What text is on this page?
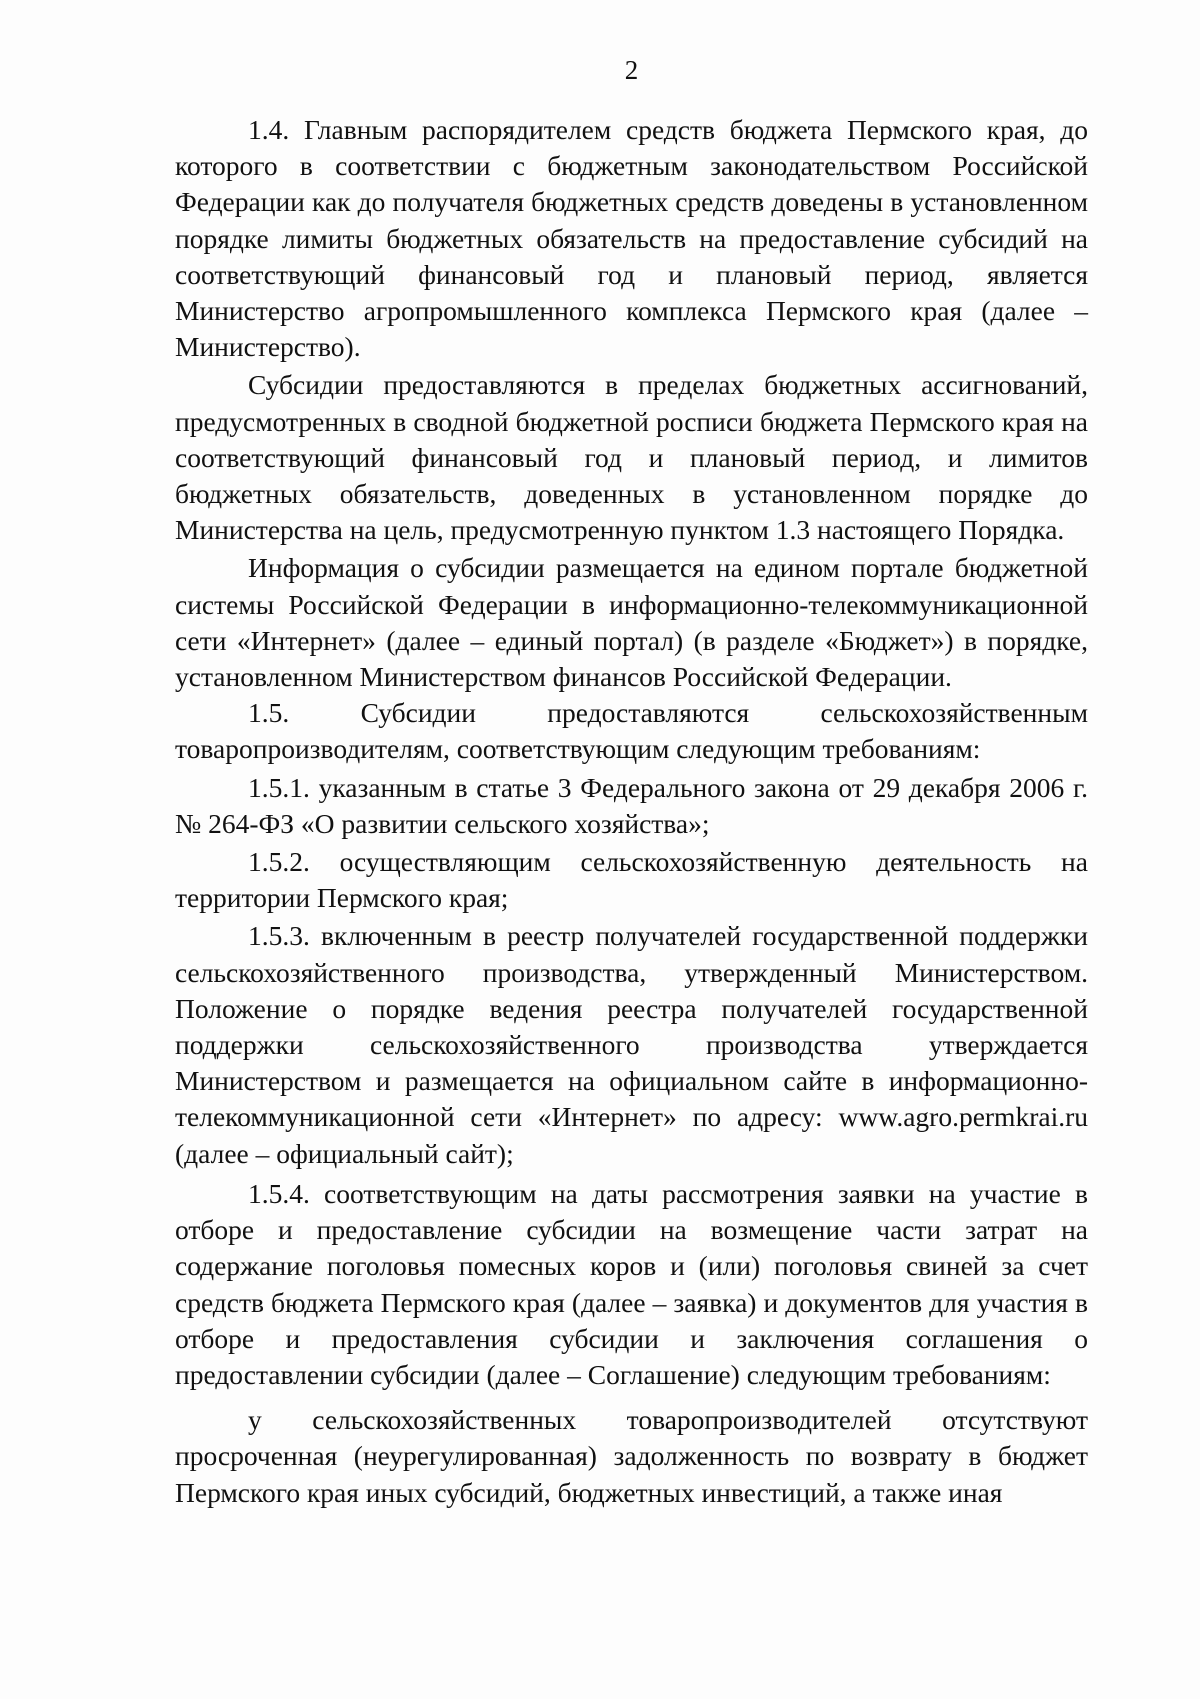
2

1.4. Главным распорядителем средств бюджета Пермского края, до которого в соответствии с бюджетным законодательством Российской Федерации как до получателя бюджетных средств доведены в установленном порядке лимиты бюджетных обязательств на предоставление субсидий на соответствующий финансовый год и плановый период, является Министерство агропромышленного комплекса Пермского края (далее – Министерство).

Субсидии предоставляются в пределах бюджетных ассигнований, предусмотренных в сводной бюджетной росписи бюджета Пермского края на соответствующий финансовый год и плановый период, и лимитов бюджетных обязательств, доведенных в установленном порядке до Министерства на цель, предусмотренную пунктом 1.3 настоящего Порядка.

Информация о субсидии размещается на едином портале бюджетной системы Российской Федерации в информационно-телекоммуникационной сети «Интернет» (далее – единый портал) (в разделе «Бюджет») в порядке, установленном Министерством финансов Российской Федерации.

1.5. Субсидии предоставляются сельскохозяйственным товаропроизводителям, соответствующим следующим требованиям:

1.5.1. указанным в статье 3 Федерального закона от 29 декабря 2006 г. № 264-ФЗ «О развитии сельского хозяйства»;

1.5.2. осуществляющим сельскохозяйственную деятельность на территории Пермского края;

1.5.3. включенным в реестр получателей государственной поддержки сельскохозяйственного производства, утвержденный Министерством. Положение о порядке ведения реестра получателей государственной поддержки сельскохозяйственного производства утверждается Министерством и размещается на официальном сайте в информационно-телекоммуникационной сети «Интернет» по адресу: www.agro.permkrai.ru (далее – официальный сайт);

1.5.4. соответствующим на даты рассмотрения заявки на участие в отборе и предоставление субсидии на возмещение части затрат на содержание поголовья помесных коров и (или) поголовья свиней за счет средств бюджета Пермского края (далее – заявка) и документов для участия в отборе и предоставления субсидии и заключения соглашения о предоставлении субсидии (далее – Соглашение) следующим требованиям:

у сельскохозяйственных товаропроизводителей отсутствуют просроченная (неурегулированная) задолженность по возврату в бюджет Пермского края иных субсидий, бюджетных инвестиций, а также иная
